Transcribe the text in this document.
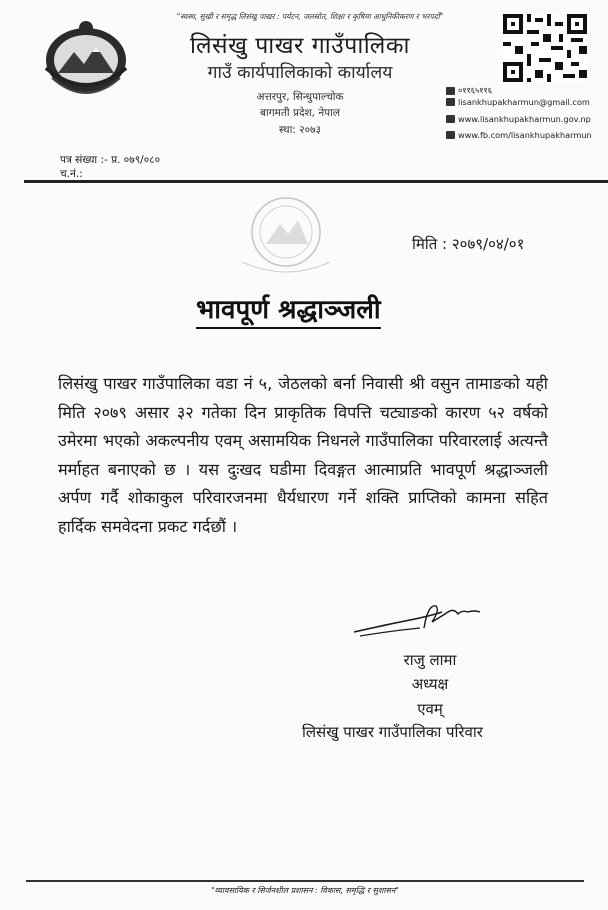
"स्वस्थ, सुखी र समृद्ध लिसंखु पाखर : पर्यटन, जलस्रोत, शिक्षा र कृषिमा आधुनिकीकरण र भरपर्दो"
लिसंखु पाखर गाउँपालिका
गाउँ कार्यपालिकाको कार्यालय
अत्तरपुर, सिन्धुपाल्चोक
बागमती प्रदेश, नेपाल
स्था: २०७३
०११६५११६
lisankhupakharmun@gmail.com
www.lisankhupakharmun.gov.np
www.fb.com/lisankhupakharmun
पत्र संख्या :- प्र. ०७९/०८०
च.नं.:
मिति : २०७९/०४/०१
भावपूर्ण श्रद्धाञ्जली
लिसंखु पाखर गाउँपालिका वडा नं ५, जेठलको बर्ना निवासी श्री वसुन तामाङको यही मिति २०७९ असार ३२ गतेका दिन प्राकृतिक विपत्ति चट्याङको कारण ५२ वर्षको उमेरमा भएको अकल्पनीय एवम् असामयिक निधनले गाउँपालिका परिवारलाई अत्यन्तै मर्माहत बनाएको छ । यस दुःखद घडीमा दिवङ्गत आत्माप्रति भावपूर्ण श्रद्धाञ्जली अर्पण गर्दै शोकाकुल परिवारजनमा धैर्यधारण गर्ने शक्ति प्राप्तिको कामना सहित हार्दिक समवेदना प्रकट गर्दछौं ।
राजु लामा
अध्यक्ष
एवम्
लिसंखु पाखर गाउँपालिका परिवार
"व्यावसायिक र सिर्जनशील प्रशासन : विकास, समृद्धि र सुशासन"
